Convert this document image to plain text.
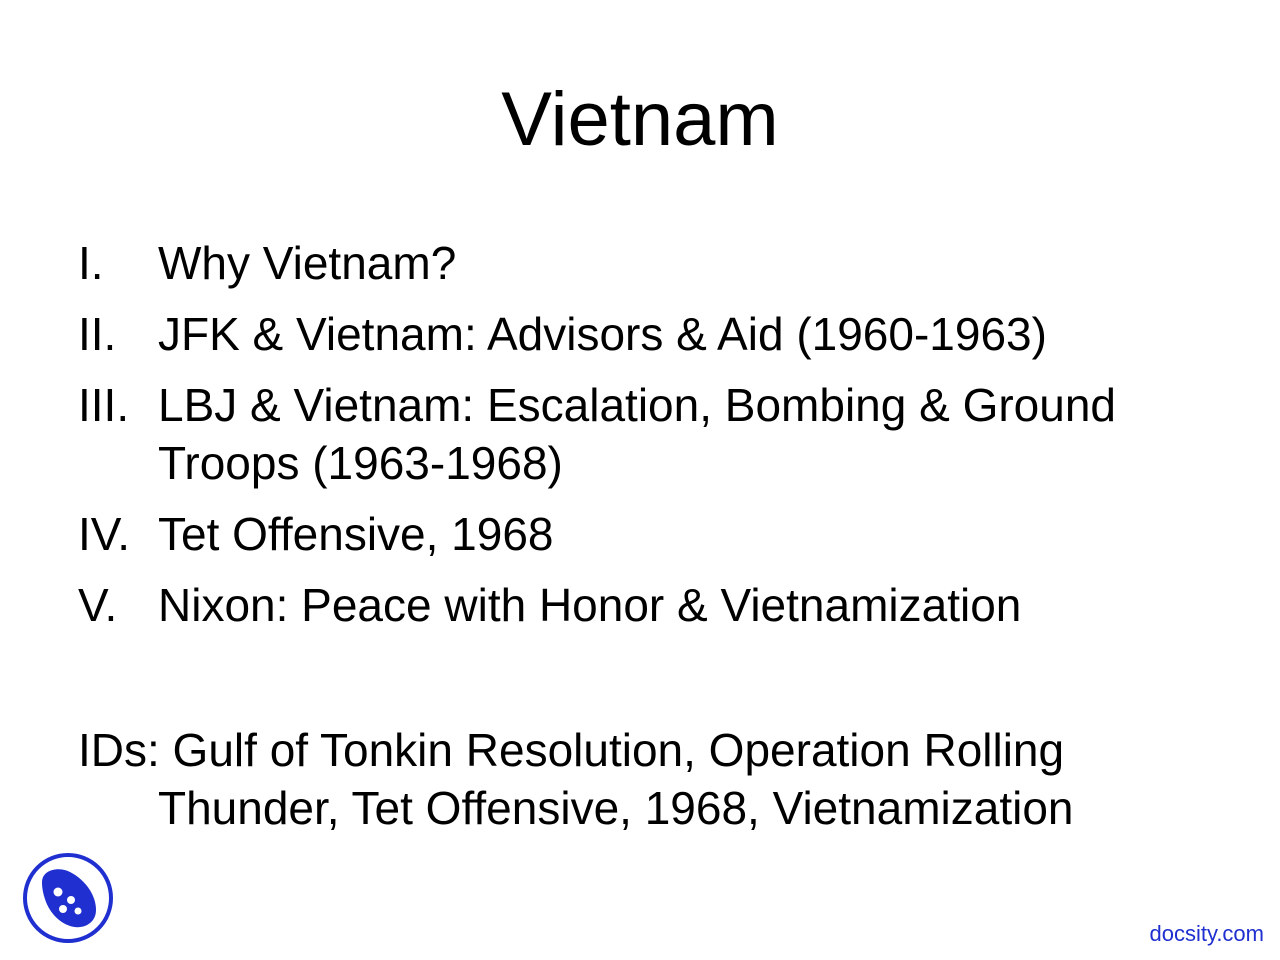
Vietnam
I.	Why Vietnam?
II. JFK & Vietnam: Advisors & Aid (1960-1963)
III. LBJ & Vietnam: Escalation, Bombing & Ground Troops (1963-1968)
IV. Tet Offensive, 1968
V. Nixon: Peace with Honor & Vietnamization
IDs: Gulf of Tonkin Resolution, Operation Rolling Thunder, Tet Offensive, 1968, Vietnamization
docsity.com
